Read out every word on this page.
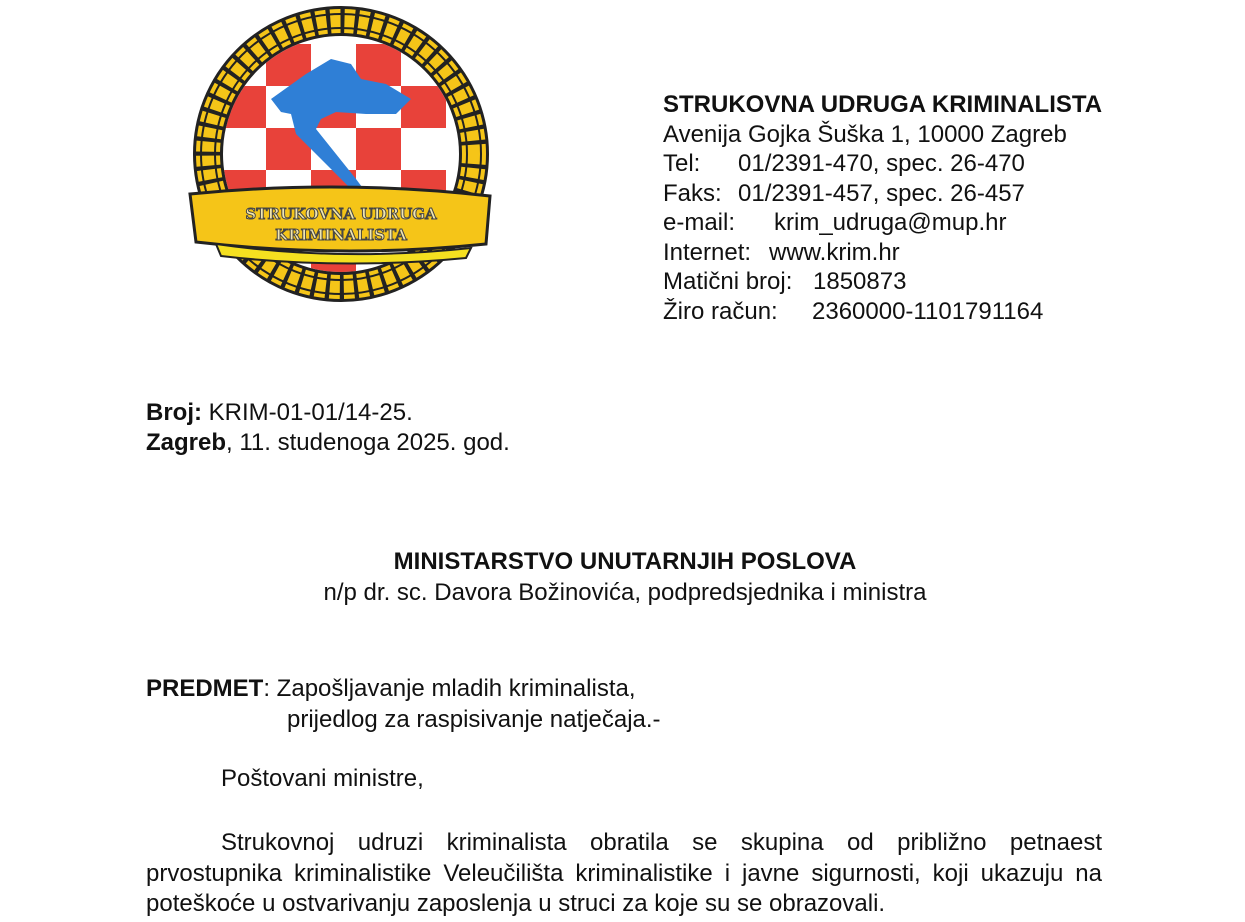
STRUKOVNA UDRUGA
KRIMINALISTA
STRUKOVNA UDRUGA KRIMINALISTA
Avenija Gojka Šuška 1, 10000 Zagreb
Tel: 01/2391-470, spec. 26-470
Faks: 01/2391-457, spec. 26-457
e-mail: krim_udruga@mup.hr
Internet: www.krim.hr
Matični broj: 1850873
Žiro račun: 2360000-1101791164
Broj: KRIM-01-01/14-25.
Zagreb, 11. studenoga 2025. god.
MINISTARSTVO UNUTARNJIH POSLOVA
n/p dr. sc. Davora Božinovića, podpredsjednika i ministra
PREDMET: Zapošljavanje mladih kriminalista,
prijedlog za raspisivanje natječaja.-
Poštovani ministre,
Strukovnoj udruzi kriminalista obratila se skupina od približno petnaest prvostupnika kriminalistike Veleučilišta kriminalistike i javne sigurnosti, koji ukazuju na poteškoće u ostvarivanju zaposlenja u struci za koje su se obrazovali.
